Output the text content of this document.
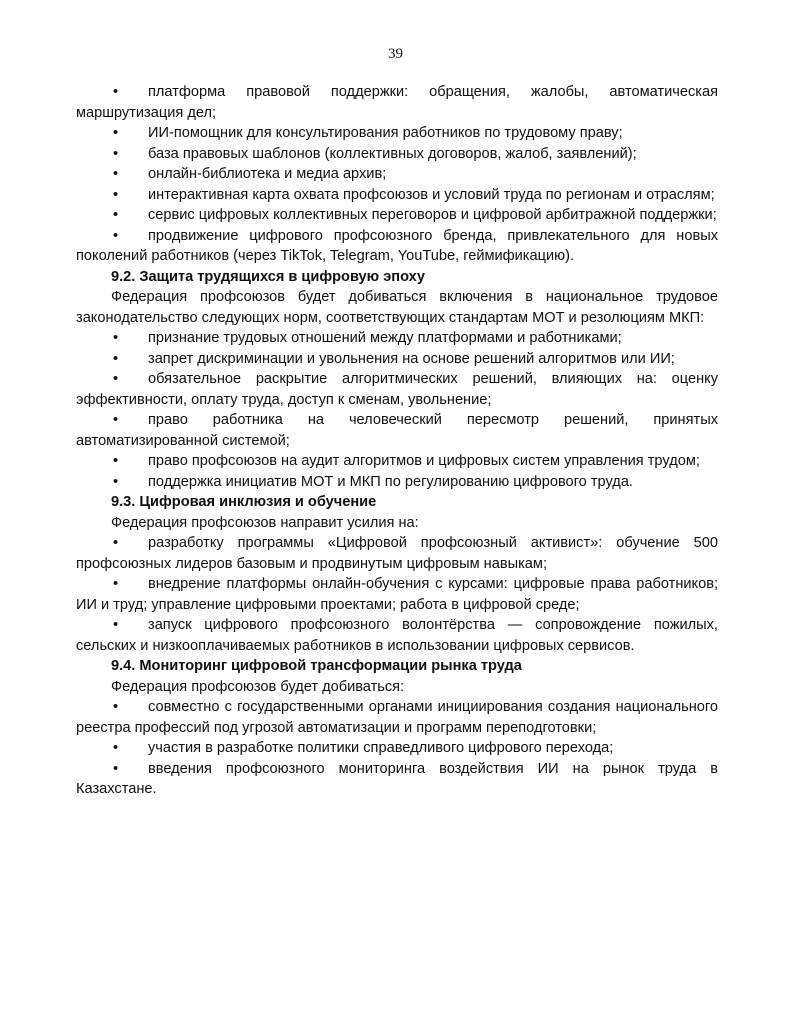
39

• платформа правовой поддержки: обращения, жалобы, автоматическая маршрутизация дел;

• ИИ-помощник для консультирования работников по трудовому праву;

• база правовых шаблонов (коллективных договоров, жалоб, заявлений);

• онлайн-библиотека и медиа архив;

• интерактивная карта охвата профсоюзов и условий труда по регионам и отраслям;

• сервис цифровых коллективных переговоров и цифровой арбитражной поддержки;

• продвижение цифрового профсоюзного бренда, привлекательного для новых поколений работников (через TikTok, Telegram, YouTube, геймификацию).

9.2. Защита трудящихся в цифровую эпоху

Федерация профсоюзов будет добиваться включения в национальное трудовое законодательство следующих норм, соответствующих стандартам МОТ и резолюциям МКП:

• признание трудовых отношений между платформами и работниками;

• запрет дискриминации и увольнения на основе решений алгоритмов или ИИ;

• обязательное раскрытие алгоритмических решений, влияющих на: оценку эффективности, оплату труда, доступ к сменам, увольнение;

• право работника на человеческий пересмотр решений, принятых автоматизированной системой;

• право профсоюзов на аудит алгоритмов и цифровых систем управления трудом;

• поддержка инициатив МОТ и МКП по регулированию цифрового труда.

9.3. Цифровая инклюзия и обучение

Федерация профсоюзов направит усилия на:

• разработку программы «Цифровой профсоюзный активист»: обучение 500 профсоюзных лидеров базовым и продвинутым цифровым навыкам;

• внедрение платформы онлайн-обучения с курсами: цифровые права работников; ИИ и труд; управление цифровыми проектами; работа в цифровой среде;

• запуск цифрового профсоюзного волонтёрства — сопровождение пожилых, сельских и низкооплачиваемых работников в использовании цифровых сервисов.

9.4. Мониторинг цифровой трансформации рынка труда

Федерация профсоюзов будет добиваться:

• совместно с государственными органами инициирования создания национального реестра профессий под угрозой автоматизации и программ переподготовки;

• участия в разработке политики справедливого цифрового перехода;

• введения профсоюзного мониторинга воздействия ИИ на рынок труда в Казахстане.
